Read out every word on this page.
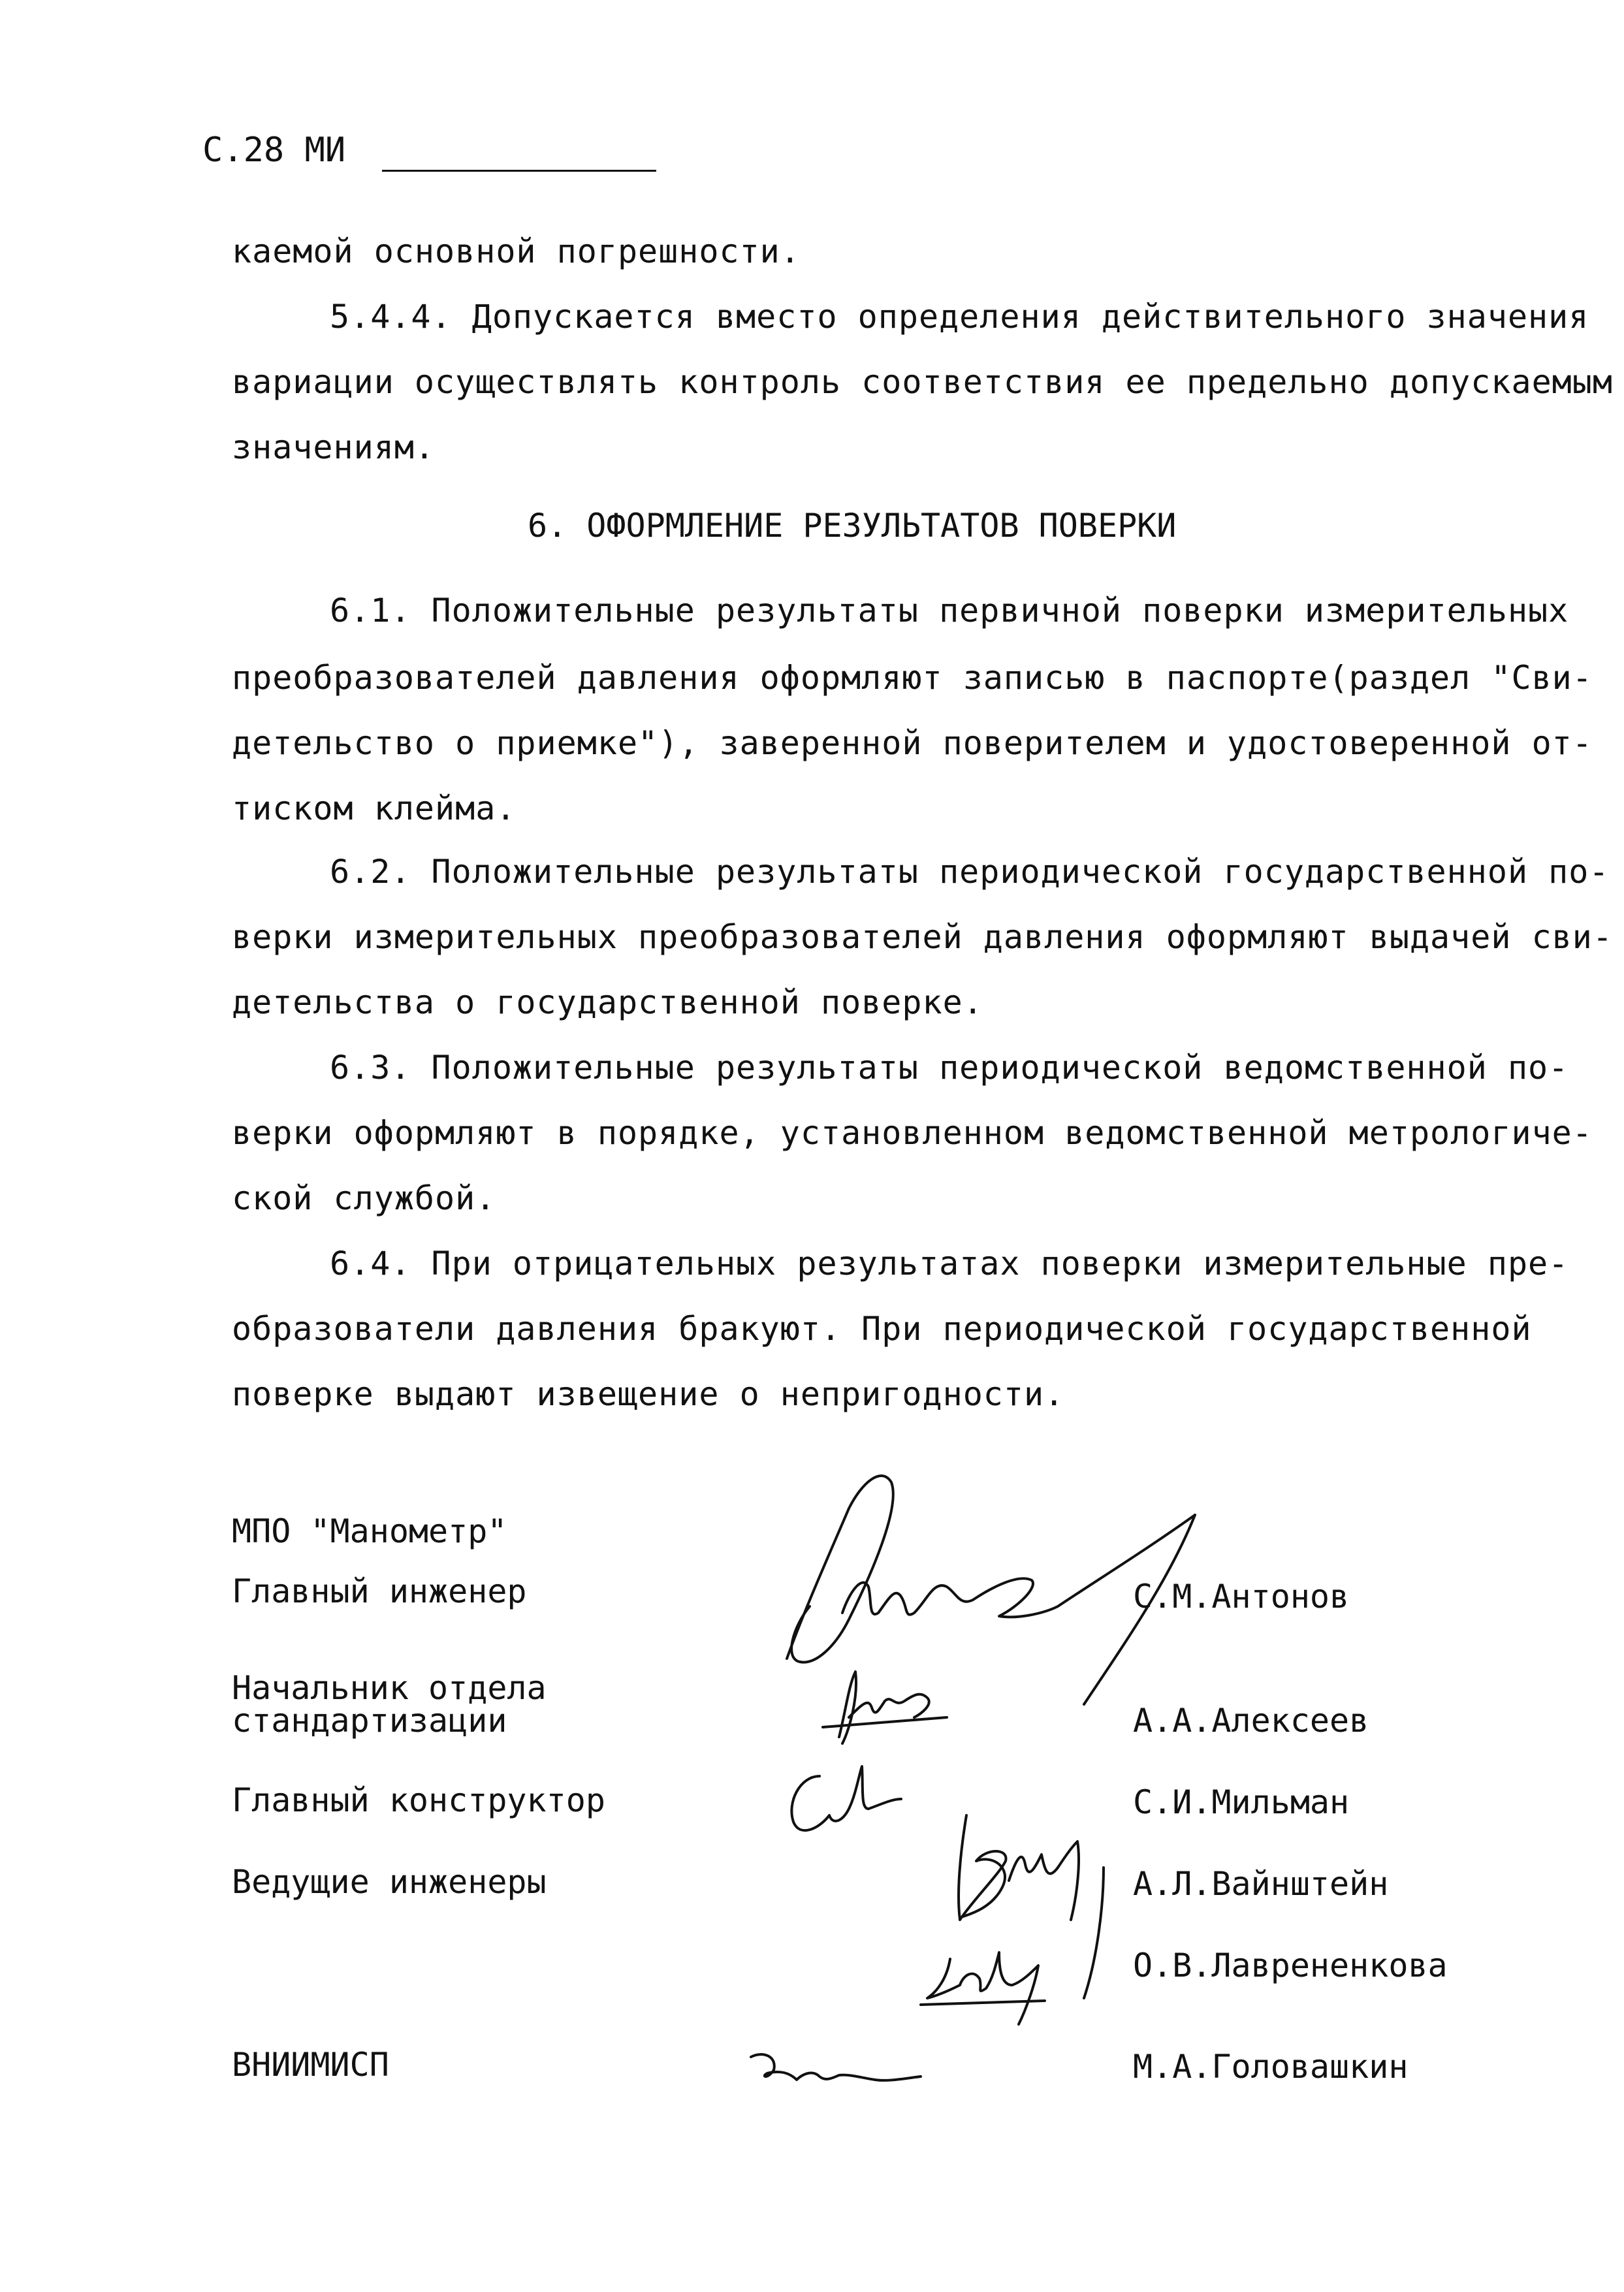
С.28 МИ
каемой основной погрешности.
5.4.4. Допускается вместо определения действительного значения
вариации осуществлять контроль соответствия ее предельно допускаемым
значениям.
6. ОФОРМЛЕНИЕ РЕЗУЛЬТАТОВ ПОВЕРКИ
6.1. Положительные результаты первичной поверки измерительных
преобразователей давления оформляют записью в паспорте(раздел "Сви-
детельство о приемке"), заверенной поверителем и удостоверенной от-
тиском клейма.
6.2. Положительные результаты периодической государственной по-
верки измерительных преобразователей давления оформляют выдачей сви-
детельства о государственной поверке.
6.3. Положительные результаты периодической ведомственной по-
верки оформляют в порядке, установленном ведомственной метрологиче-
ской службой.
6.4. При отрицательных результатах поверки измерительные пре-
образователи давления бракуют. При периодической государственной
поверке выдают извещение о непригодности.
МПО "Манометр"
Главный инженер
Начальник отдела
стандартизации
Главный конструктор
Ведущие инженеры
ВНИИМИСП
С.М.Антонов
А.А.Алексеев
С.И.Мильман
А.Л.Вайнштейн
О.В.Лаврененкова
М.А.Головашкин
